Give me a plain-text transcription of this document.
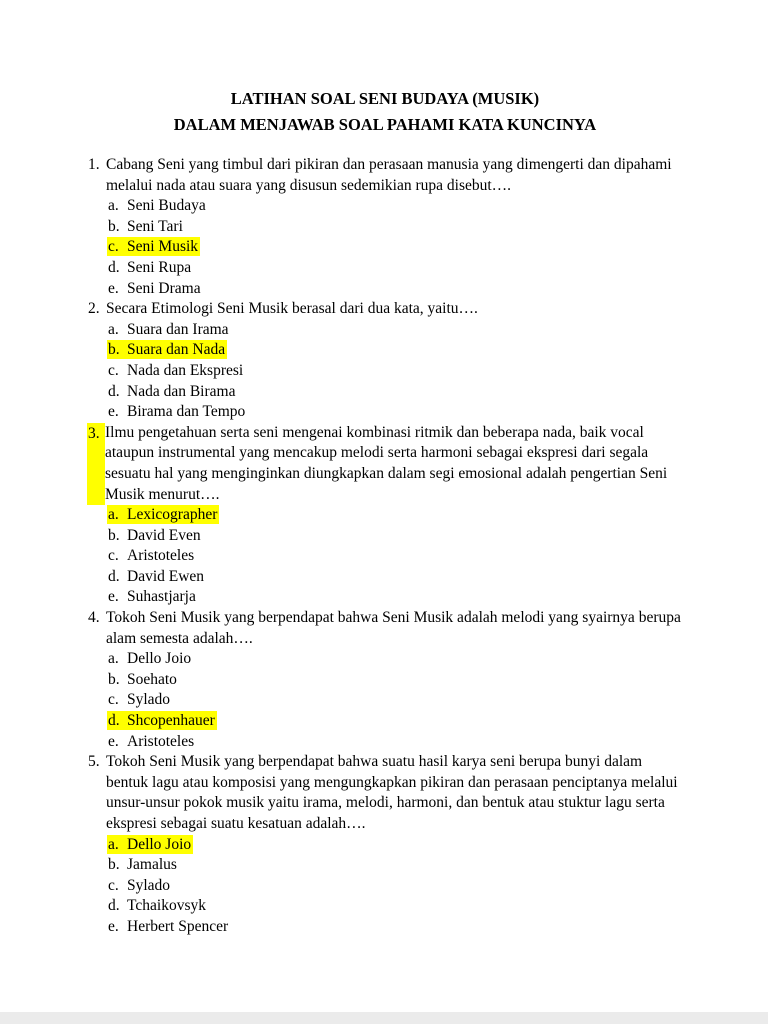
LATIHAN SOAL SENI BUDAYA (MUSIK)
DALAM MENJAWAB SOAL PAHAMI KATA KUNCINYA
1. Cabang Seni yang timbul dari pikiran dan perasaan manusia yang dimengerti dan dipahami melalui nada atau suara yang disusun sedemikian rupa disebut….
a. Seni Budaya
b. Seni Tari
c. Seni Musik
d. Seni Rupa
e. Seni Drama
2. Secara Etimologi Seni Musik berasal dari dua kata, yaitu….
a. Suara dan Irama
b. Suara dan Nada
c. Nada dan Ekspresi
d. Nada dan Birama
e. Birama dan Tempo
3. Ilmu pengetahuan serta seni mengenai kombinasi ritmik dan beberapa nada, baik vocal ataupun instrumental yang mencakup melodi serta harmoni sebagai ekspresi dari segala sesuatu hal yang menginginkan diungkapkan dalam segi emosional adalah pengertian Seni Musik menurut….
a. Lexicographer
b. David Even
c. Aristoteles
d. David Ewen
e. Suhastjarja
4. Tokoh Seni Musik yang berpendapat bahwa Seni Musik adalah melodi yang syairnya berupa alam semesta adalah….
a. Dello Joio
b. Soehato
c. Sylado
d. Shcopenhauer
e. Aristoteles
5. Tokoh Seni Musik yang berpendapat bahwa suatu hasil karya seni berupa bunyi dalam bentuk lagu atau komposisi yang mengungkapkan pikiran dan perasaan penciptanya melalui unsur-unsur pokok musik yaitu irama, melodi, harmoni, dan bentuk atau stuktur lagu serta ekspresi sebagai suatu kesatuan adalah….
a. Dello Joio
b. Jamalus
c. Sylado
d. Tchaikovsyk
e. Herbert Spencer
